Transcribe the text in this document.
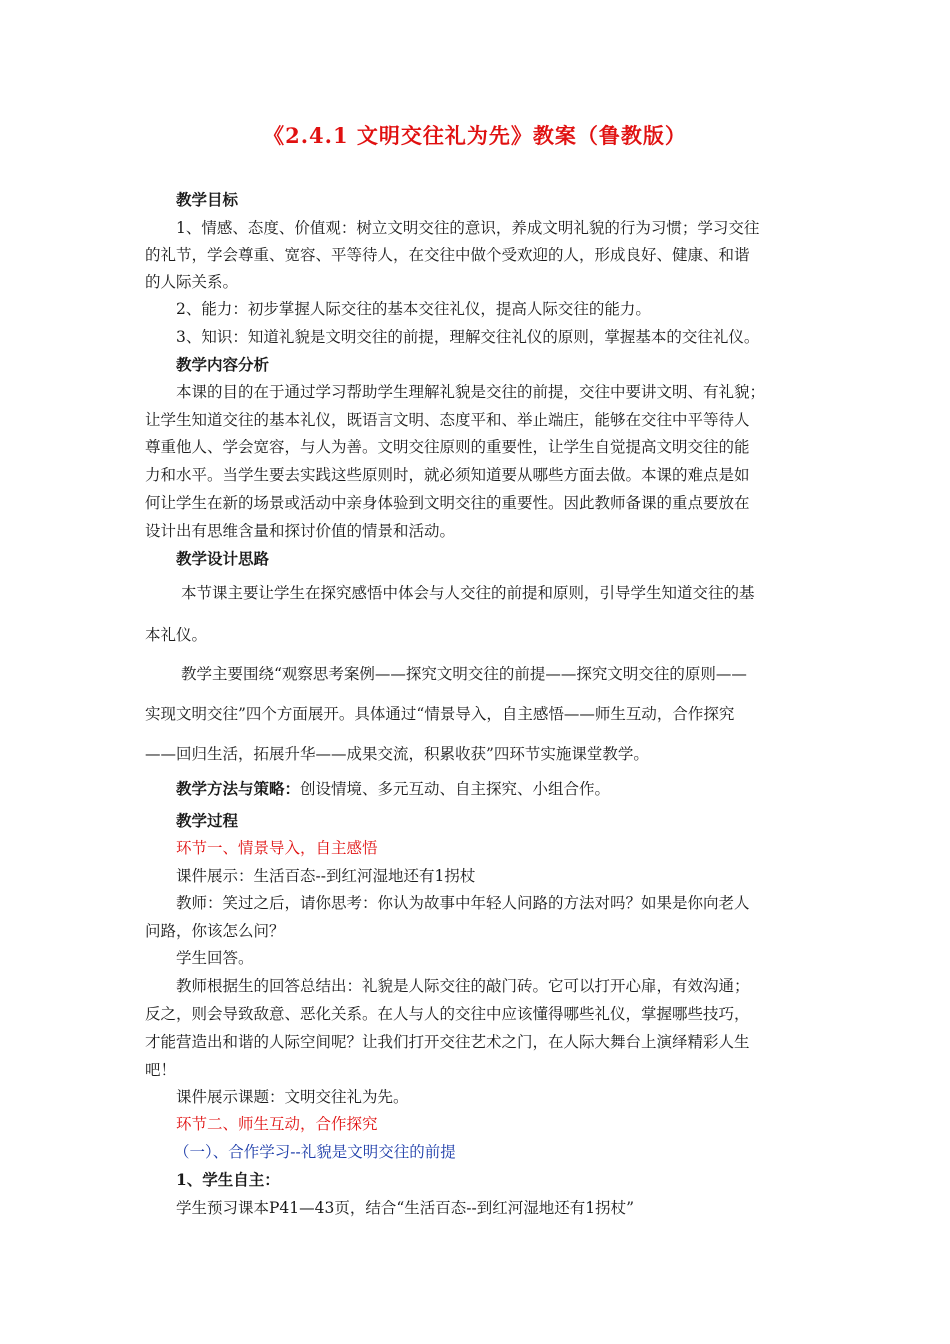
《2.4.1 文明交往礼为先》教案（鲁教版）
教学目标
1、情感、态度、价值观：树立文明交往的意识，养成文明礼貌的行为习惯；学习交往
的礼节，学会尊重、宽容、平等待人，在交往中做个受欢迎的人，形成良好、健康、和谐
的人际关系。
2、能力：初步掌握人际交往的基本交往礼仪，提高人际交往的能力。
3、知识：知道礼貌是文明交往的前提，理解交往礼仪的原则，掌握基本的交往礼仪。
教学内容分析
本课的目的在于通过学习帮助学生理解礼貌是交往的前提，交往中要讲文明、有礼貌；
让学生知道交往的基本礼仪，既语言文明、态度平和、举止端庄，能够在交往中平等待人
尊重他人、学会宽容，与人为善。文明交往原则的重要性，让学生自觉提高文明交往的能
力和水平。当学生要去实践这些原则时，就必须知道要从哪些方面去做。本课的难点是如
何让学生在新的场景或活动中亲身体验到文明交往的重要性。因此教师备课的重点要放在
设计出有思维含量和探讨价值的情景和活动。
教学设计思路
本节课主要让学生在探究感悟中体会与人交往的前提和原则，引导学生知道交往的基
本礼仪。
教学主要围绕“观察思考案例——探究文明交往的前提——探究文明交往的原则——
实现文明交往”四个方面展开。具体通过“情景导入，自主感悟——师生互动，合作探究
——回归生活，拓展升华——成果交流，积累收获”四环节实施课堂教学。
教学方法与策略：创设情境、多元互动、自主探究、小组合作。
教学过程
环节一、情景导入，自主感悟
课件展示：生活百态--到红河湿地还有1拐杖
教师：笑过之后，请你思考：你认为故事中年轻人问路的方法对吗？如果是你向老人
问路，你该怎么问？
学生回答。
教师根据生的回答总结出：礼貌是人际交往的敲门砖。它可以打开心扉，有效沟通；
反之，则会导致敌意、恶化关系。在人与人的交往中应该懂得哪些礼仪，掌握哪些技巧，
才能营造出和谐的人际空间呢？让我们打开交往艺术之门，在人际大舞台上演绎精彩人生
吧！
课件展示课题：文明交往礼为先。
环节二、师生互动，合作探究
（一）、合作学习--礼貌是文明交往的前提
1、学生自主：
学生预习课本P41—43页，结合“生活百态--到红河湿地还有1拐杖”
